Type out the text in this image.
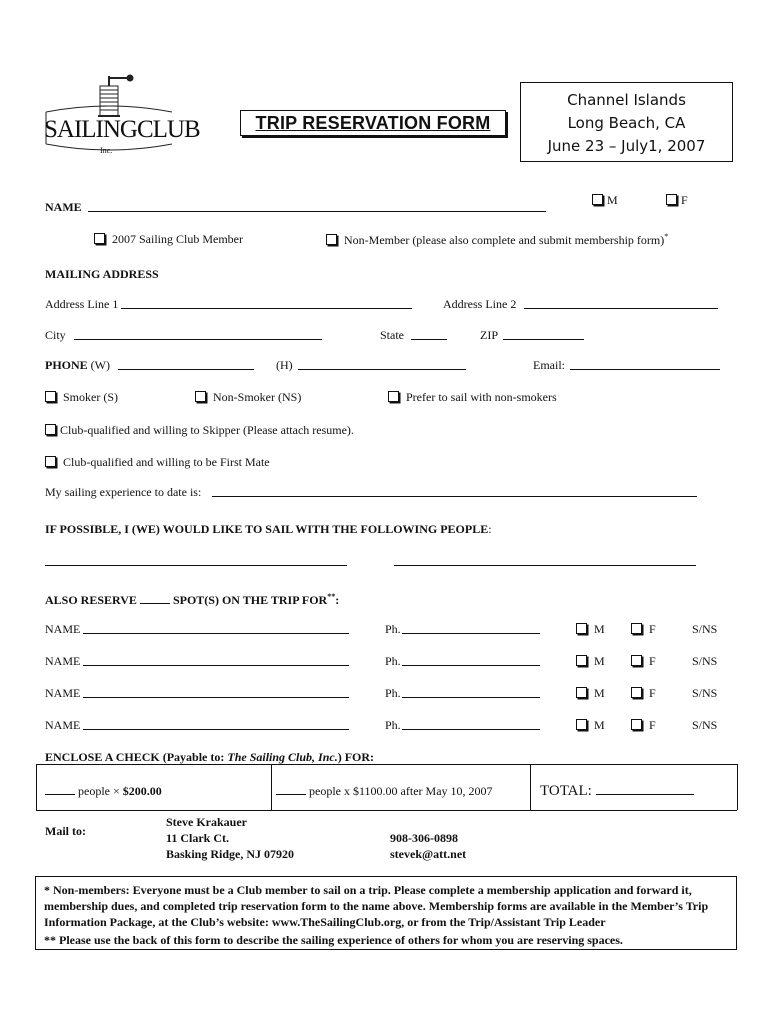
SAILINGCLUB
Inc.
TRIP RESERVATION FORM
Channel Islands
Long Beach, CA
June 23 – July1, 2007
NAME	M	F
2007 Sailing Club Member	Non-Member (please also complete and submit membership form)*
MAILING ADDRESS
Address Line 1	Address Line 2
City	State	ZIP
PHONE (W)	(H)	Email:
Smoker (S)	Non-Smoker (NS)	Prefer to sail with non-smokers
Club-qualified and willing to Skipper (Please attach resume).
Club-qualified and willing to be First Mate
My sailing experience to date is:
IF POSSIBLE, I (WE) WOULD LIKE TO SAIL WITH THE FOLLOWING PEOPLE:
ALSO RESERVE	SPOT(S) ON THE TRIP FOR**:
NAME	Ph.	M	F	S/NS
NAME	Ph.	M	F	S/NS
NAME	Ph.	M	F	S/NS
NAME	Ph.	M	F	S/NS
ENCLOSE A CHECK (Payable to: The Sailing Club, Inc.) FOR:
people × $200.00	people x $1100.00 after May 10, 2007	TOTAL:
Mail to:
Steve Krakauer
11 Clark Ct.
Basking Ridge, NJ 07920
908-306-0898
stevek@att.net
* Non-members: Everyone must be a Club member to sail on a trip. Please complete a membership application and forward it, membership dues, and completed trip reservation form to the name above. Membership forms are available in the Member’s Trip Information Package, at the Club’s website: www.TheSailingClub.org, or from the Trip/Assistant Trip Leader
** Please use the back of this form to describe the sailing experience of others for whom you are reserving spaces.
